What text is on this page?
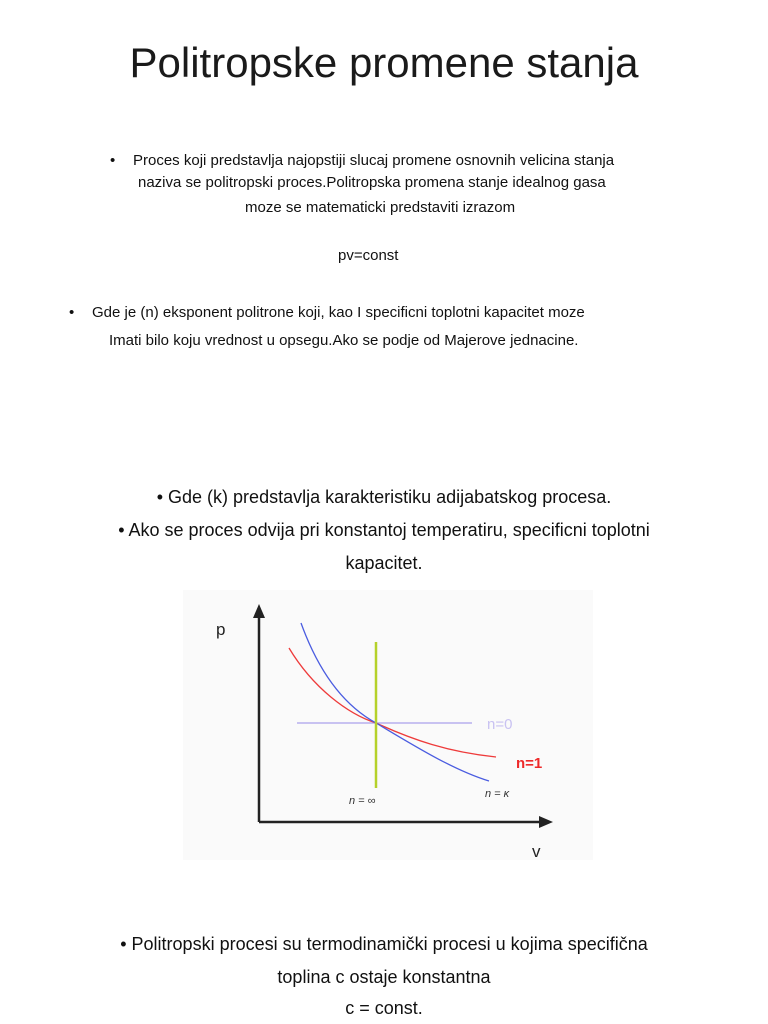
Politropske promene stanja
• Proces koji predstavlja najopstiji slucaj promene osnovnih velicina stanja
naziva se politropski proces.Politropska promena stanje idealnog gasa
moze se matematicki predstaviti izrazom
pv=const
• Gde je (n) eksponent politrone koji, kao I specificni toplotni kapacitet moze
Imati bilo koju vrednost u opsegu.Ako se podje od Majerove jednacine.
• Gde (k) predstavlja karakteristiku adijabatskog procesa.
• Ako se proces odvija pri konstantoj temperatiru, specificni toplotni
kapacitet.
p
v
n=0
n=1
n = κ
n = ∞
• Politropski procesi su termodinamički procesi u kojima specifična
toplina c ostaje konstantna
c = const.
